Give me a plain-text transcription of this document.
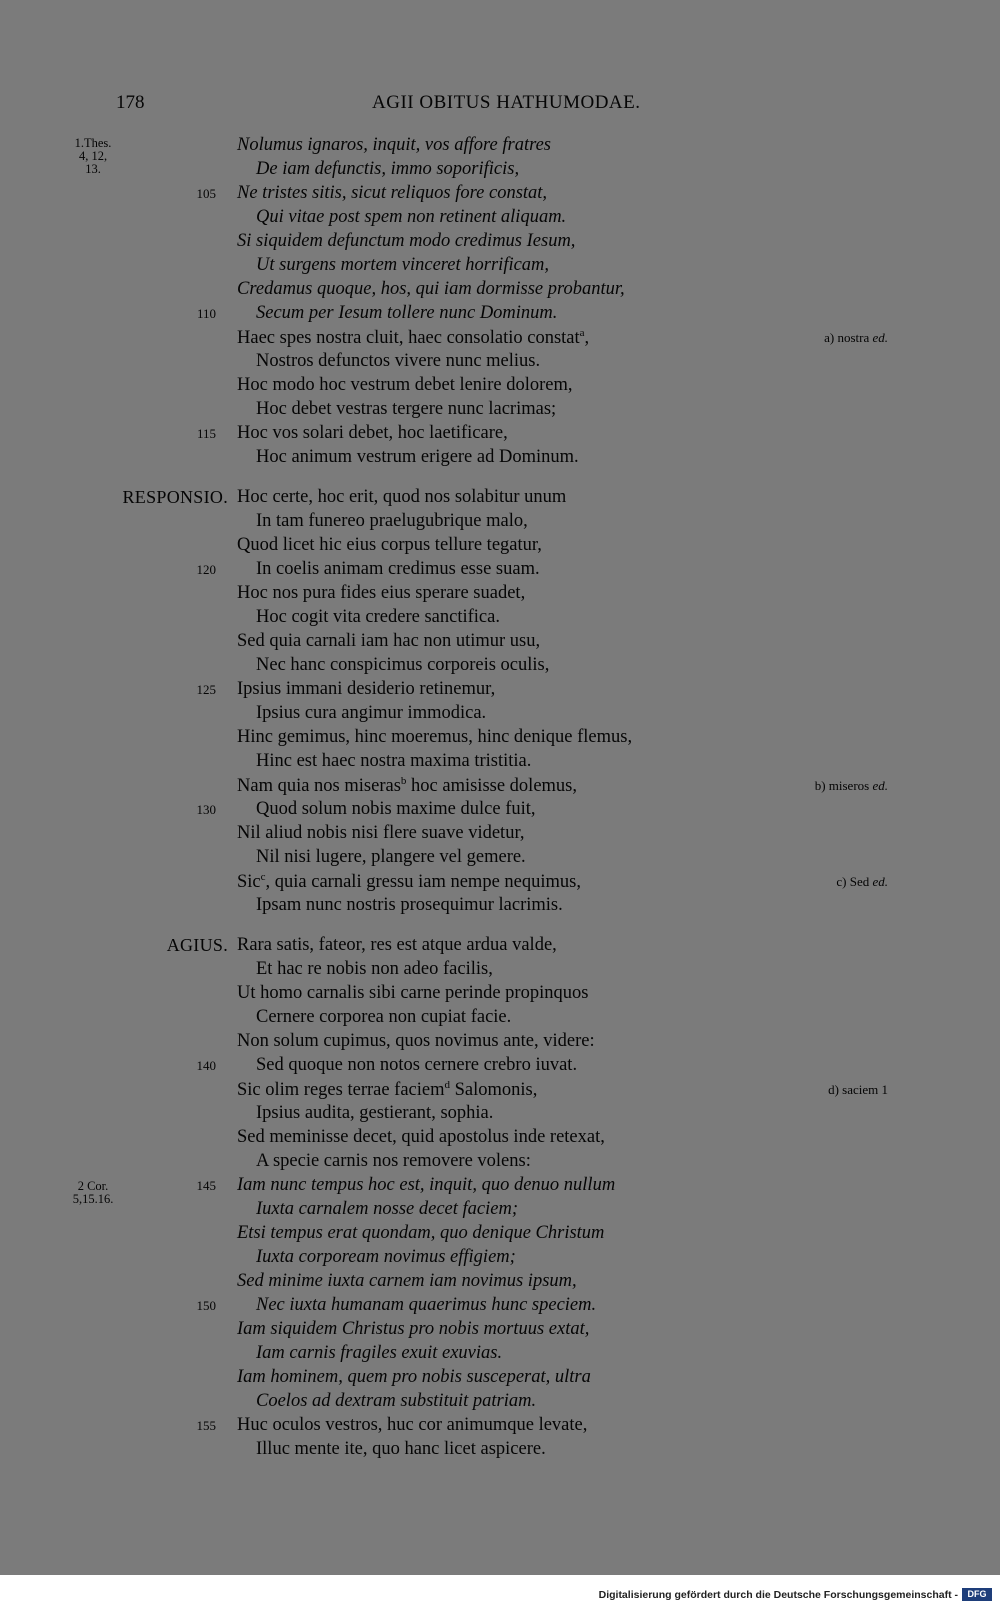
178	AGII OBITUS HATHUMODAE.
1.Thes.
4, 12,
13.
2 Cor.
5,15.16.
Nolumus ignaros, inquit, vos affore fratres
De iam defunctis, immo soporificis,
105 Ne tristes sitis, sicut reliquos fore constat,
Qui vitae post spem non retinent aliquam.
Si siquidem defunctum modo credimus Iesum,
Ut surgens mortem vinceret horrificam,
Credamus quoque, hos, qui iam dormisse probantur,
110 Secum per Iesum tollere nunc Dominum.
Haec spes nostra cluit, haec consolatio constat$^a$,	a) nostra ed.
Nostros defunctos vivere nunc melius.
Hoc modo hoc vestrum debet lenire dolorem,
Hoc debet vestras tergere nunc lacrimas;
115 Hoc vos solari debet, hoc laetificare,
Hoc animum vestrum erigere ad Dominum.
RESPONSIO. Hoc certe, hoc erit, quod nos solabitur unum
In tam funereo praelugubrique malo,
Quod licet hic eius corpus tellure tegatur,
120 In coelis animam credimus esse suam.
Hoc nos pura fides eius sperare suadet,
Hoc cogit vita credere sanctifica.
Sed quia carnali iam hac non utimur usu,
Nec hanc conspicimus corporeis oculis,
125 Ipsius immani desiderio retinemur,
Ipsius cura angimur immodica.
Hinc gemimus, hinc moeremus, hinc denique flemus,
Hinc est haec nostra maxima tristitia.
Nam quia nos miseras$^b$ hoc amisisse dolemus,	b) miseros ed.
130 Quod solum nobis maxime dulce fuit,
Nil aliud nobis nisi flere suave videtur,
Nil nisi lugere, plangere vel gemere.
Sic$^c$, quia carnali gressu iam nempe nequimus,	c) Sed ed.
Ipsam nunc nostris prosequimur lacrimis.
AGIUS. Rara satis, fateor, res est atque ardua valde,
Et hac re nobis non adeo facilis,
Ut homo carnalis sibi carne perinde propinquos
Cernere corporea non cupiat facie.
Non solum cupimus, quos novimus ante, videre:
140 Sed quoque non notos cernere crebro iuvat.
Sic olim reges terrae faciem$^d$ Salomonis,	d) saciem 1
Ipsius audita, gestierant, sophia.
Sed meminisse decet, quid apostolus inde retexat,
A specie carnis nos removere volens:
145 Iam nunc tempus hoc est, inquit, quo denuo nullum
Iuxta carnalem nosse decet faciem;
Etsi tempus erat quondam, quo denique Christum
Iuxta corpoream novimus effigiem;
Sed minime iuxta carnem iam novimus ipsum,
150 Nec iuxta humanam quaerimus hunc speciem.
Iam siquidem Christus pro nobis mortuus extat,
Iam carnis fragiles exuit exuvias.
Iam hominem, quem pro nobis susceperat, ultra
Coelos ad dextram substituit patriam.
155 Huc oculos vestros, huc cor animumque levate,
Illuc mente ite, quo hanc licet aspicere.
Digitalisierung gefördert durch die Deutsche Forschungsgemeinschaft -	DFG
